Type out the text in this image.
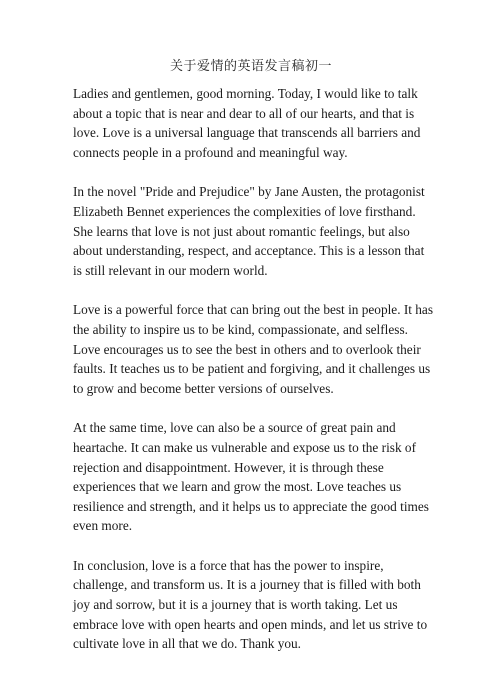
关于爱情的英语发言稿初一

Ladies and gentlemen, good morning. Today, I would like to talk about a topic that is near and dear to all of our hearts, and that is love. Love is a universal language that transcends all barriers and connects people in a profound and meaningful way.

In the novel "Pride and Prejudice" by Jane Austen, the protagonist Elizabeth Bennet experiences the complexities of love firsthand. She learns that love is not just about romantic feelings, but also about understanding, respect, and acceptance. This is a lesson that is still relevant in our modern world.

Love is a powerful force that can bring out the best in people. It has the ability to inspire us to be kind, compassionate, and selfless. Love encourages us to see the best in others and to overlook their faults. It teaches us to be patient and forgiving, and it challenges us to grow and become better versions of ourselves.

At the same time, love can also be a source of great pain and heartache. It can make us vulnerable and expose us to the risk of rejection and disappointment. However, it is through these experiences that we learn and grow the most. Love teaches us resilience and strength, and it helps us to appreciate the good times even more.

In conclusion, love is a force that has the power to inspire, challenge, and transform us. It is a journey that is filled with both joy and sorrow, but it is a journey that is worth taking. Let us embrace love with open hearts and open minds, and let us strive to cultivate love in all that we do. Thank you.
